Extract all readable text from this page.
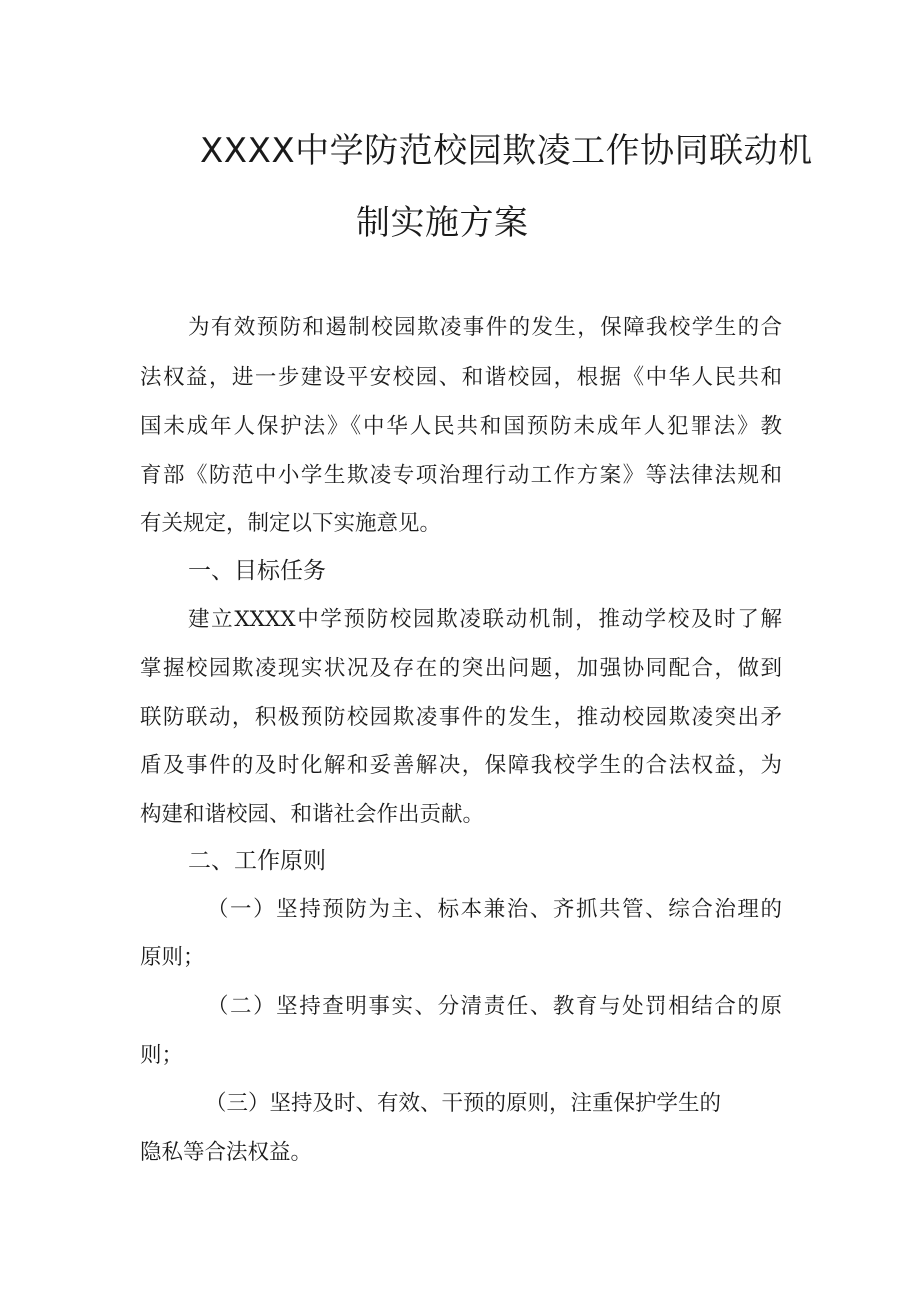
XXXX中学防范校园欺凌工作协同联动机
制实施方案
为有效预防和遏制校园欺凌事件的发生，保障我校学生的合
法权益，进一步建设平安校园、和谐校园，根据《中华人民共和
国未成年人保护法》《中华人民共和国预防未成年人犯罪法》教
育部《防范中小学生欺凌专项治理行动工作方案》等法律法规和
有关规定，制定以下实施意见。
一、目标任务
建立XXXX中学预防校园欺凌联动机制，推动学校及时了解
掌握校园欺凌现实状况及存在的突出问题，加强协同配合，做到
联防联动，积极预防校园欺凌事件的发生，推动校园欺凌突出矛
盾及事件的及时化解和妥善解决，保障我校学生的合法权益，为
构建和谐校园、和谐社会作出贡献。
二、工作原则
（一）坚持预防为主、标本兼治、齐抓共管、综合治理的
原则；
（二）坚持查明事实、分清责任、教育与处罚相结合的原
则；
（三）坚持及时、有效、干预的原则，注重保护学生的
隐私等合法权益。
